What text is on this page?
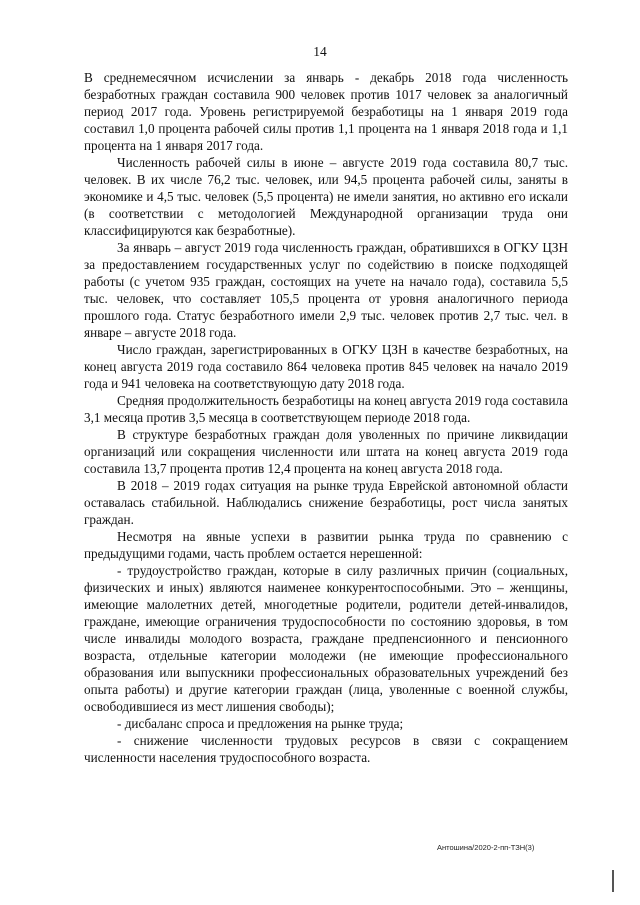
14

В среднемесячном исчислении за январь - декабрь 2018 года численность безработных граждан составила 900 человек против 1017 человек за аналогичный период 2017 года. Уровень регистрируемой безработицы на 1 января 2019 года составил 1,0 процента рабочей силы против 1,1 процента на 1 января 2018 года и 1,1 процента на 1 января 2017 года.

Численность рабочей силы в июне – августе 2019 года составила 80,7 тыс. человек. В их числе 76,2 тыс. человек, или 94,5 процента рабочей силы, заняты в экономике и 4,5 тыс. человек (5,5 процента) не имели занятия, но активно его искали (в соответствии с методологией Международной организации труда они классифицируются как безработные).

За январь – август 2019 года численность граждан, обратившихся в ОГКУ ЦЗН за предоставлением государственных услуг по содействию в поиске подходящей работы (с учетом 935 граждан, состоящих на учете на начало года), составила 5,5 тыс. человек, что составляет 105,5 процента от уровня аналогичного периода прошлого года. Статус безработного имели 2,9 тыс. человек против 2,7 тыс. чел. в январе – августе 2018 года.

Число граждан, зарегистрированных в ОГКУ ЦЗН в качестве безработных, на конец августа 2019 года составило 864 человека против 845 человек на начало 2019 года и 941 человека на соответствующую дату 2018 года.

Средняя продолжительность безработицы на конец августа 2019 года составила 3,1 месяца против 3,5 месяца в соответствующем периоде 2018 года.

В структуре безработных граждан доля уволенных по причине ликвидации организаций или сокращения численности или штата на конец августа 2019 года составила 13,7 процента против 12,4 процента на конец августа 2018 года.

В 2018 – 2019 годах ситуация на рынке труда Еврейской автономной области оставалась стабильной. Наблюдались снижение безработицы, рост числа занятых граждан.

Несмотря на явные успехи в развитии рынка труда по сравнению с предыдущими годами, часть проблем остается нерешенной:

- трудоустройство граждан, которые в силу различных причин (социальных, физических и иных) являются наименее конкурентоспособными. Это – женщины, имеющие малолетних детей, многодетные родители, родители детей-инвалидов, граждане, имеющие ограничения трудоспособности по состоянию здоровья, в том числе инвалиды молодого возраста, граждане предпенсионного и пенсионного возраста, отдельные категории молодежи (не имеющие профессионального образования или выпускники профессиональных образовательных учреждений без опыта работы) и другие категории граждан (лица, уволенные с военной службы, освободившиеся из мест лишения свободы);

- дисбаланс спроса и предложения на рынке труда;

- снижение численности трудовых ресурсов в связи с сокращением численности населения трудоспособного возраста.

Антошина/2020-2-пп-ТЗН(3)
